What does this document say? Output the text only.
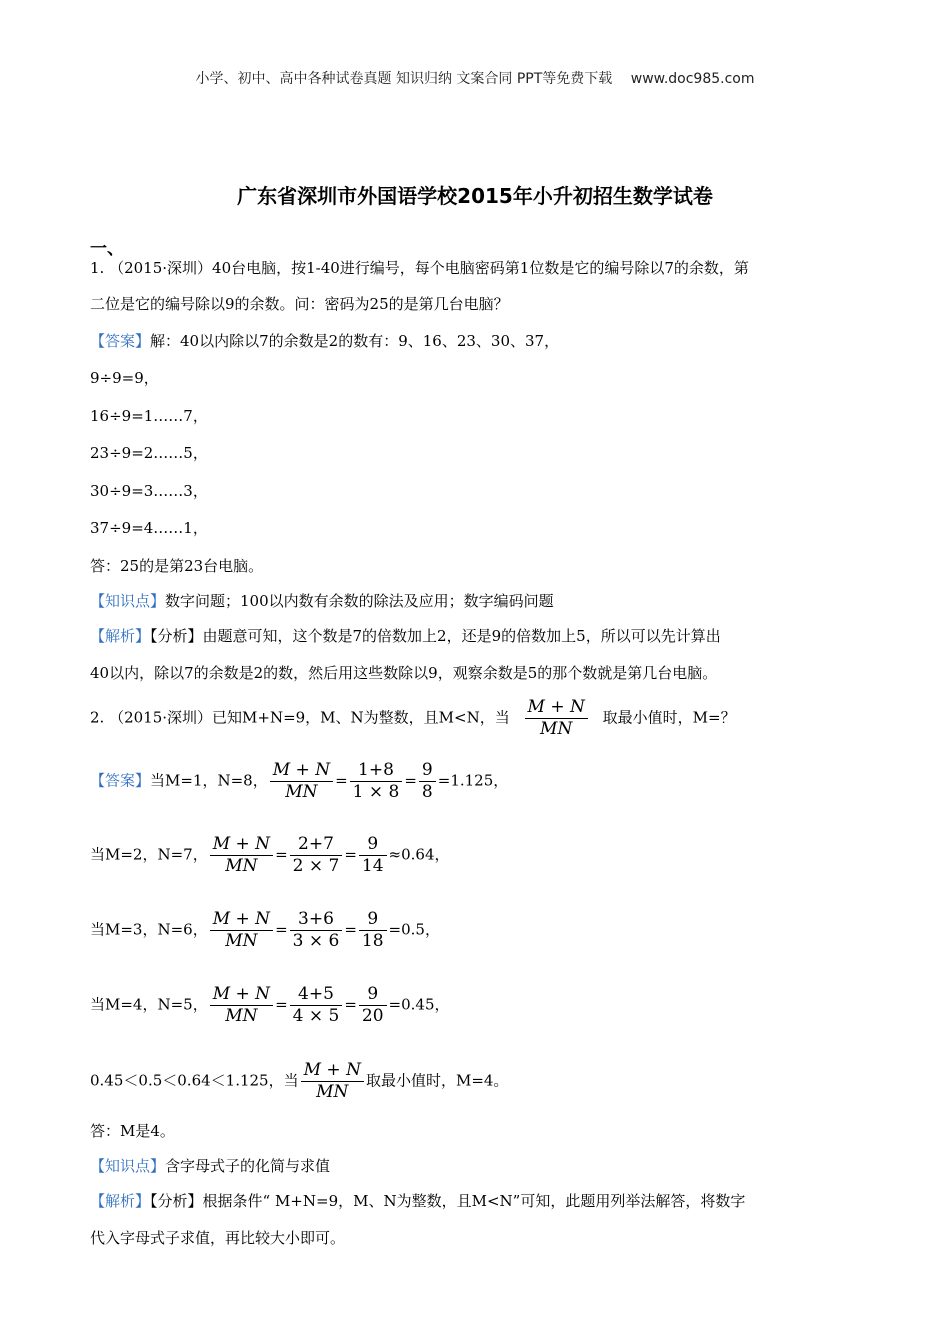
小学、初中、高中各种试卷真题 知识归纳 文案合同 PPT等免费下载 www.doc985.com
广东省深圳市外国语学校2015年小升初招生数学试卷
一、
1. （2015·深圳）40台电脑，按1-40进行编号，每个电脑密码第1位数是它的编号除以7的余数，第
二位是它的编号除以9的余数。问：密码为25的是第几台电脑？
【答案】解：40以内除以7的余数是2的数有：9、16、23、30、37，
9÷9=9，
16÷9=1……7，
23÷9=2……5，
30÷9=3……3，
37÷9=4……1，
答：25的是第23台电脑。
【知识点】数字问题；100以内数有余数的除法及应用；数字编码问题
【解析】【分析】由题意可知，这个数是7的倍数加上2，还是9的倍数加上5，所以可以先计算出
40以内，除以7的余数是2的数，然后用这些数除以9，观察余数是5的那个数就是第几台电脑。
2. （2015·深圳）已知M+N=9，M、N为整数，且M<N，当 $\frac{M + N}{MN}$ 取最小值时，M=？
【答案】当M=1，N=8， $\frac{M + N}{MN} = \frac{1+8}{1 \times 8} = \frac{9}{8} =1.125$，
当M=2，N=7， $\frac{M + N}{MN} = \frac{2+7}{2 \times 7} = \frac{9}{14} \approx 0.64$，
当M=3，N=6， $\frac{M + N}{MN} = \frac{3+6}{3 \times 6} = \frac{9}{18} =0.5$，
当M=4，N=5， $\frac{M + N}{MN} = \frac{4+5}{4 \times 5} = \frac{9}{20} =0.45$，
0.45＜0.5＜0.64＜1.125，当 $\frac{M + N}{MN}$ 取最小值时，M=4。
答：M是4。
【知识点】含字母式子的化简与求值
【解析】【分析】根据条件“ M+N=9，M、N为整数，且M<N”可知，此题用列举法解答，将数字
代入字母式子求值，再比较大小即可。
